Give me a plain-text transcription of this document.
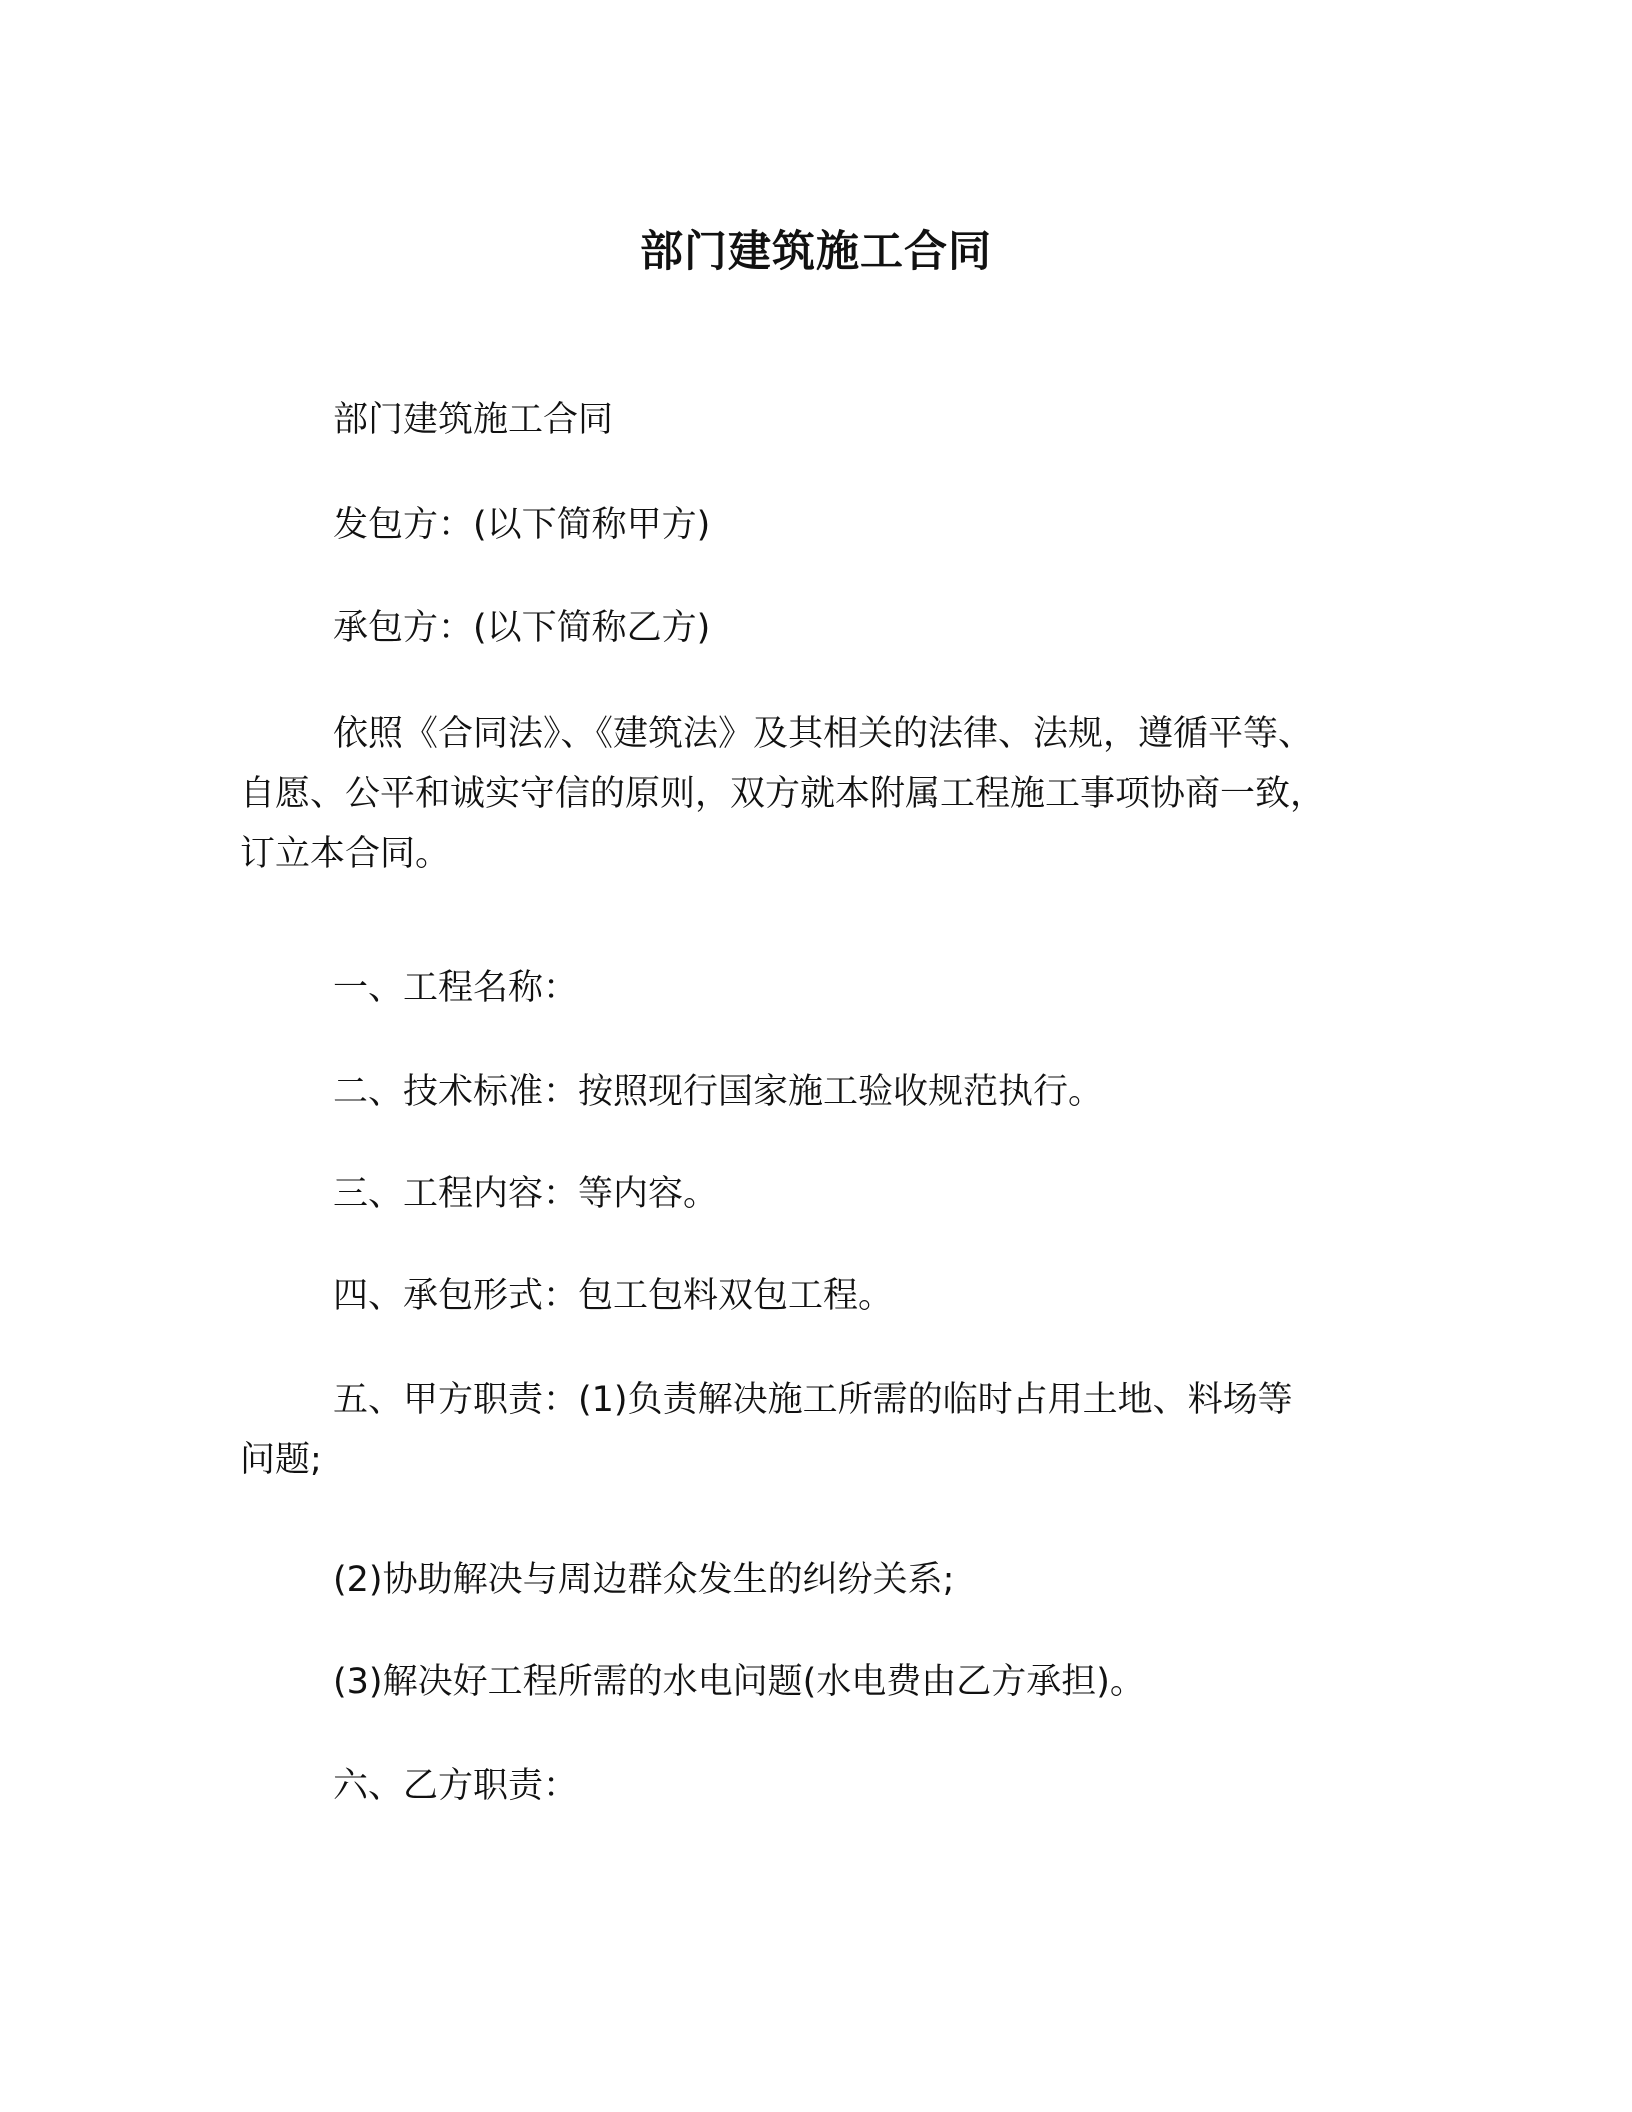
部门建筑施工合同

部门建筑施工合同

发包方：(以下简称甲方)

承包方：(以下简称乙方)

依照《合同法》、《建筑法》及其相关的法律、法规，遵循平等、
自愿、公平和诚实守信的原则，双方就本附属工程施工事项协商一致，
订立本合同。

一、工程名称：

二、技术标准：按照现行国家施工验收规范执行。

三、工程内容：等内容。

四、承包形式：包工包料双包工程。

五、甲方职责：(1)负责解决施工所需的临时占用土地、料场等
问题;

(2)协助解决与周边群众发生的纠纷关系;

(3)解决好工程所需的水电问题(水电费由乙方承担)。

六、乙方职责：
